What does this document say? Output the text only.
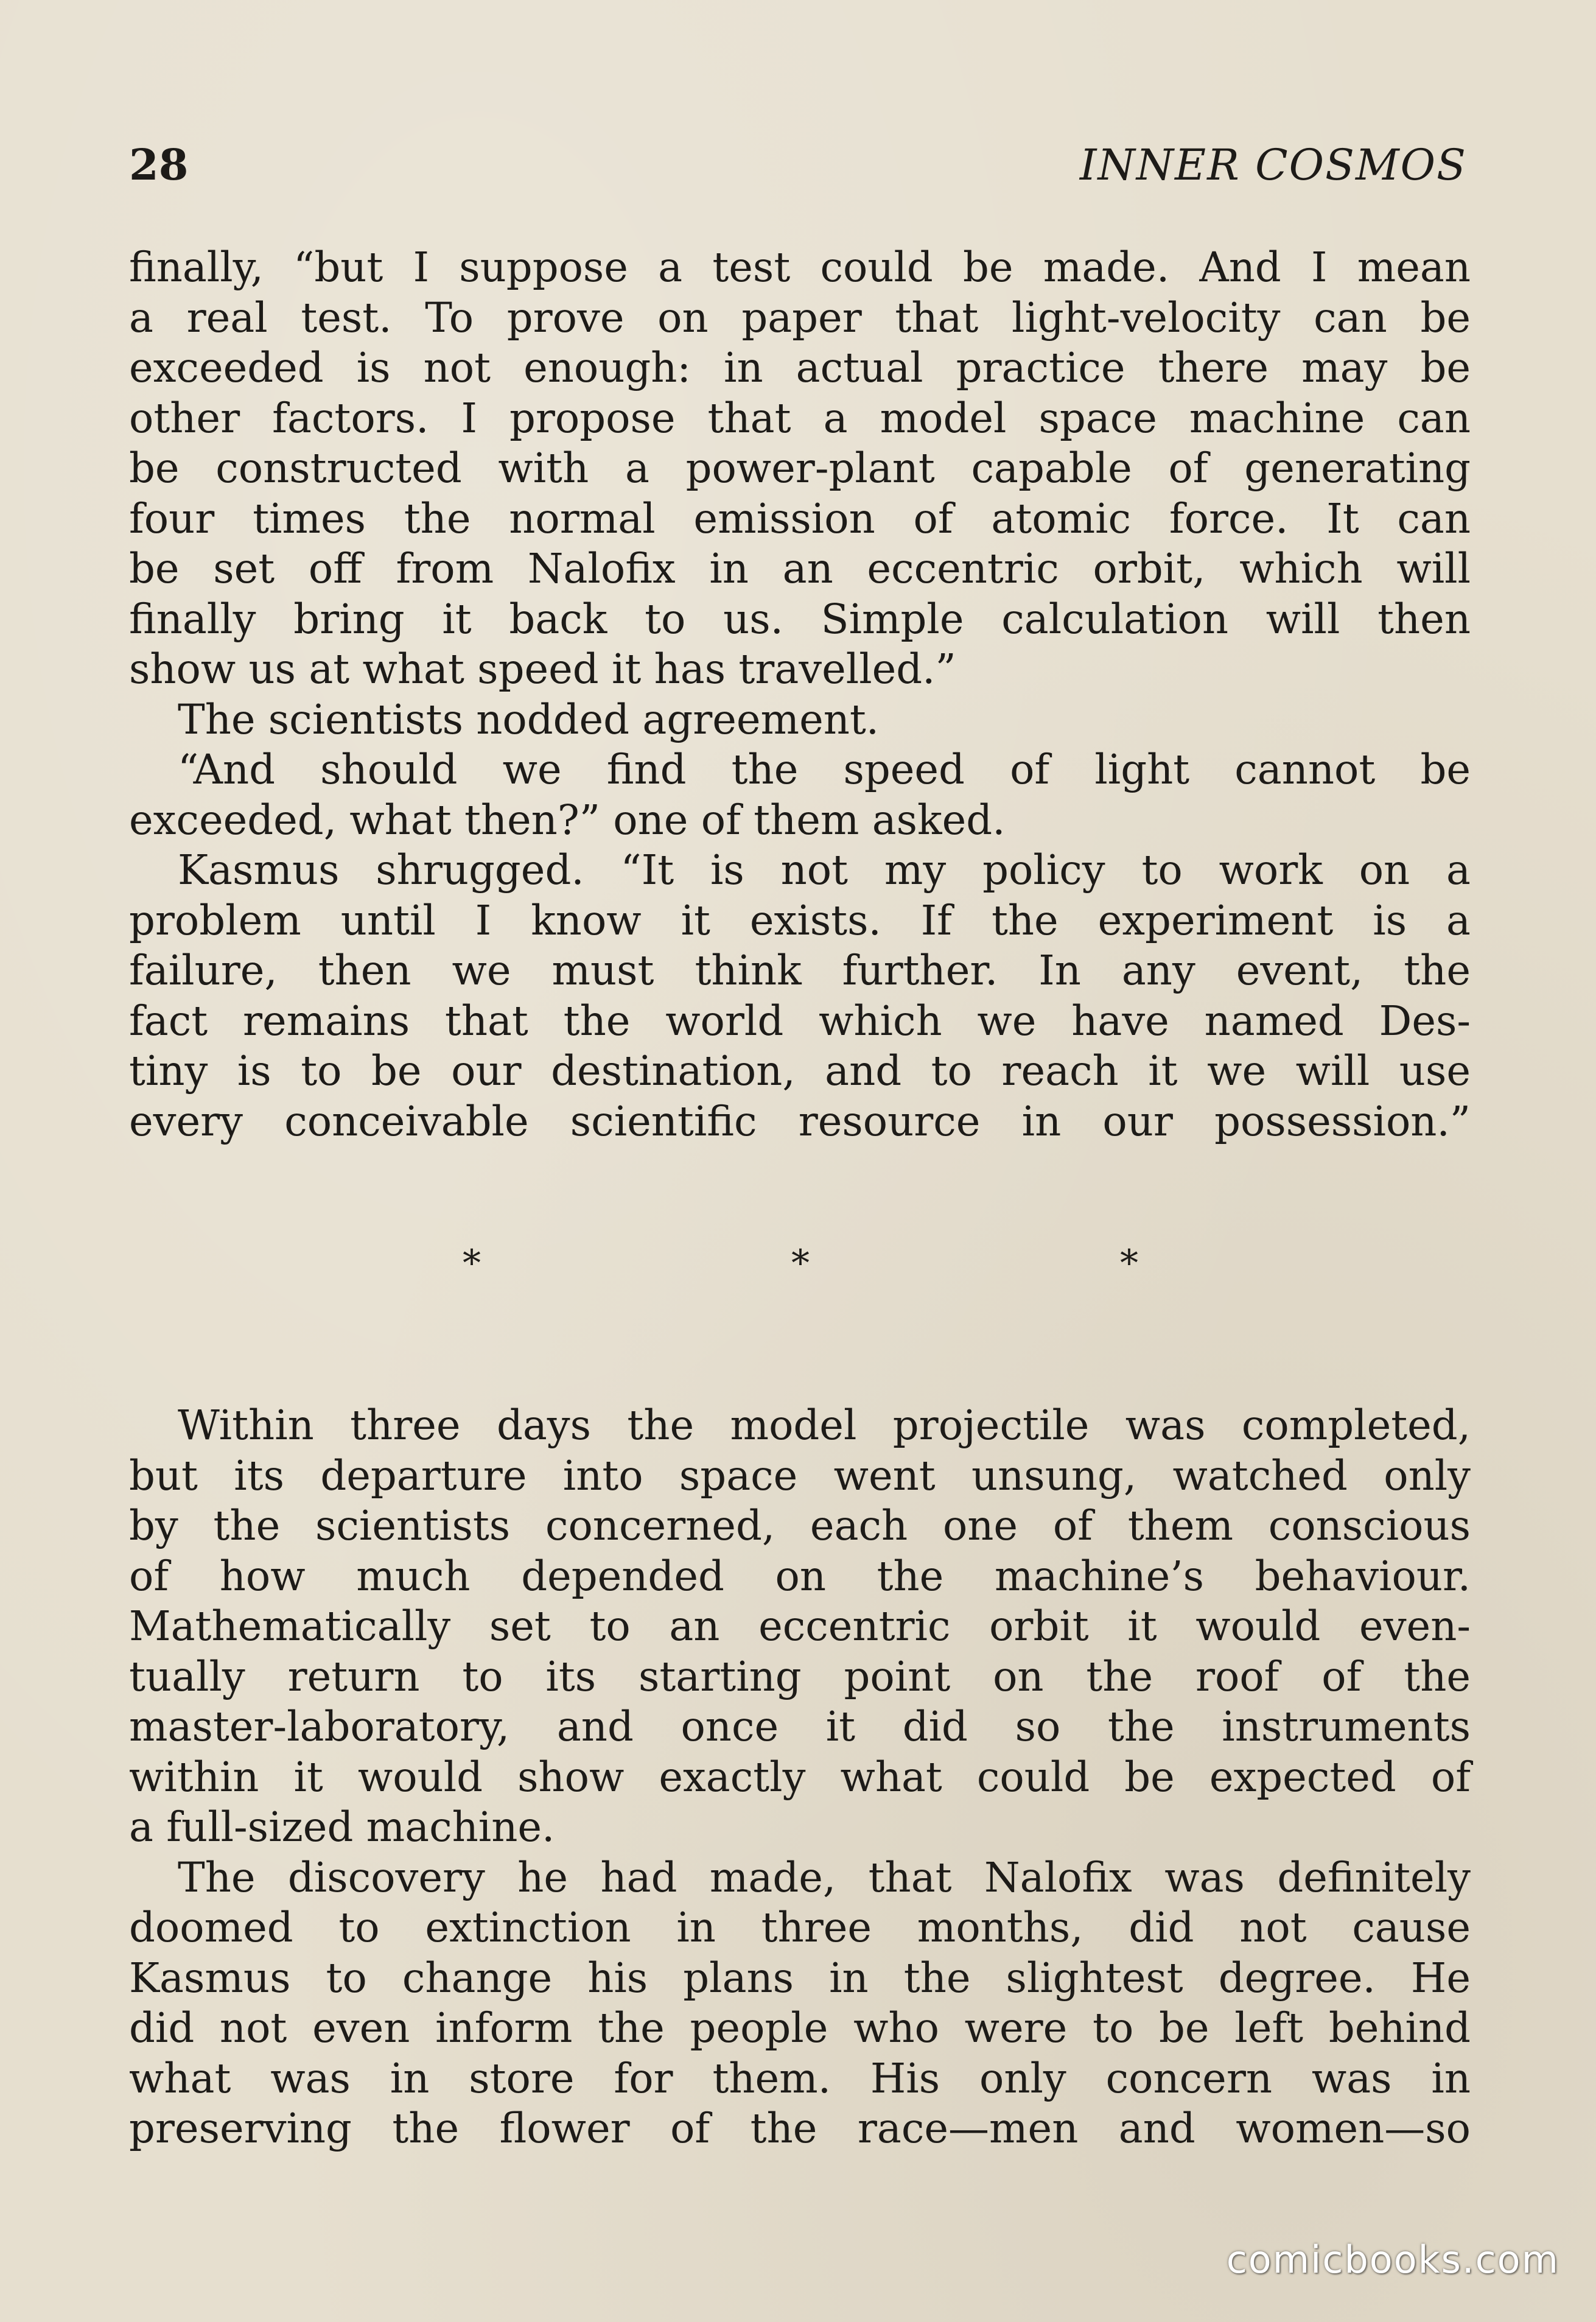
28	INNER COSMOS
finally, “but I suppose a test could be made. And I mean
a real test. To prove on paper that light-velocity can be
exceeded is not enough: in actual practice there may be
other factors. I propose that a model space machine can
be constructed with a power-plant capable of generating
four times the normal emission of atomic force. It can
be set off from Nalofix in an eccentric orbit, which will
finally bring it back to us. Simple calculation will then
show us at what speed it has travelled.”
The scientists nodded agreement.
“And should we find the speed of light cannot be
exceeded, what then?” one of them asked.
Kasmus shrugged. “It is not my policy to work on a
problem until I know it exists. If the experiment is a
failure, then we must think further. In any event, the
fact remains that the world which we have named Des-
tiny is to be our destination, and to reach it we will use
every conceivable scientific resource in our possession.”
*	*	*
Within three days the model projectile was completed,
but its departure into space went unsung, watched only
by the scientists concerned, each one of them conscious
of how much depended on the machine’s behaviour.
Mathematically set to an eccentric orbit it would even-
tually return to its starting point on the roof of the
master-laboratory, and once it did so the instruments
within it would show exactly what could be expected of
a full-sized machine.
The discovery he had made, that Nalofix was definitely
doomed to extinction in three months, did not cause
Kasmus to change his plans in the slightest degree. He
did not even inform the people who were to be left behind
what was in store for them. His only concern was in
preserving the flower of the race—men and women—so
comicbooks.com
